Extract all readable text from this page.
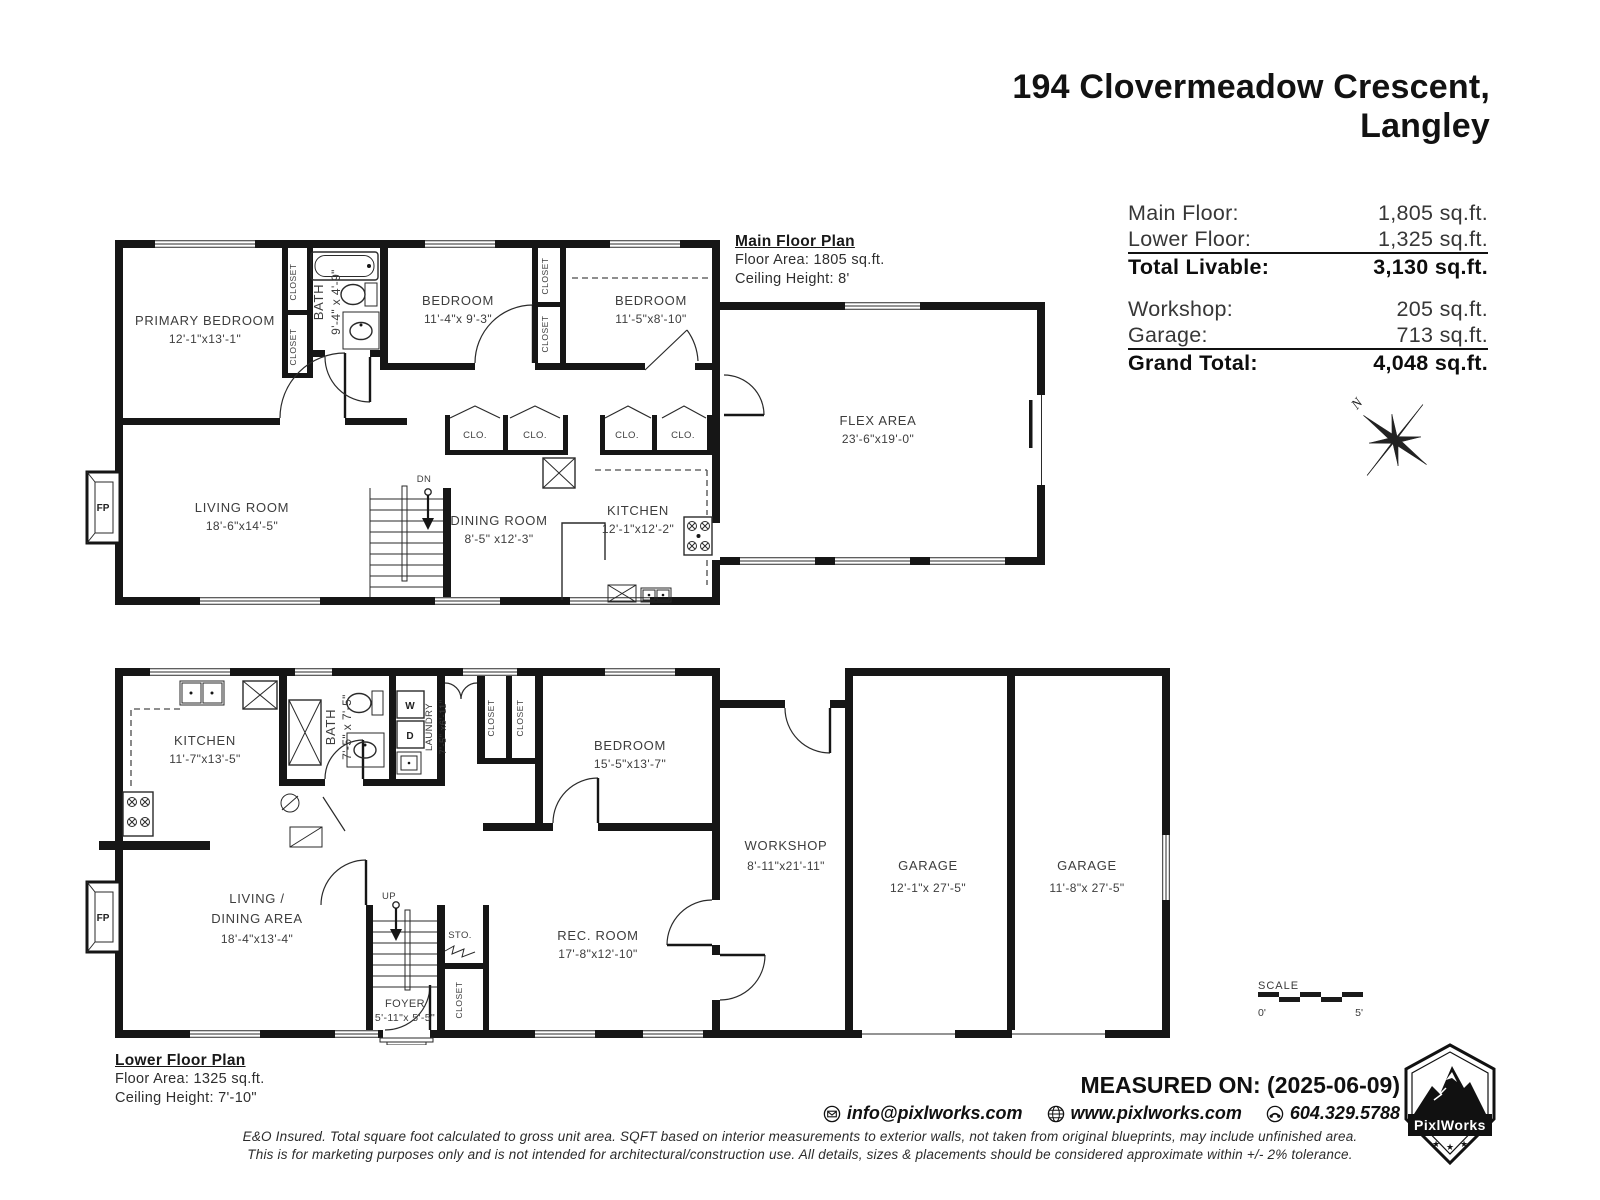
194 Clovermeadow Crescent,
Langley
Main Floor:	1,805 sq.ft.
Lower Floor:	1,325 sq.ft.
Total Livable:	3,130 sq.ft.
Workshop:	205 sq.ft.
Garage:	713 sq.ft.
Grand Total:	4,048 sq.ft.
Main Floor Plan
Floor Area: 1805 sq.ft.
Ceiling Height: 8'
PRIMARY BEDROOM
12'-1"x13'-1"
BATH 9'-4" x 4'-9"	BEDROOM
11'-4"x 9'-3"
BEDROOM
11'-5"x8'-10"
FLEX AREA
23'-6"x19'-0"
LIVING ROOM
18'-6"x14'-5"	DINING ROOM
8'-5" x12'-3"
KITCHEN
12'-1"x12'-2"
CLOSET
CLOSET
CLOSET
CLOSET
CLO.	CLO.	CLO.	CLO.
DN
FP
KITCHEN
11'-7"x13'-5"
BATH 7'-5" x 7'-5"	LAUNDRY 7'-5" x6'-11"
W
D	CLOSET CLOSET
BEDROOM
15'-5"x13'-7"
WORKSHOP
8'-11"x21'-11"	GARAGE
12'-1"x 27'-5"
GARAGE
11'-8"x 27'-5"
LIVING /
DINING AREA
18'-4"x13'-4"	REC. ROOM
17'-8"x12'-10"
FOYER
5'-11"x 5'-5"
STO.
CLOSET
UP
FP
N
SCALE
0'	5'
Lower Floor Plan
Floor Area: 1325 sq.ft.
Ceiling Height: 7'-10"	MEASURED ON: (2025-06-09)
info@pixlworks.com	www.pixlworks.com	604.329.5788
E&O Insured. Total square foot calculated to gross unit area. SQFT based on interior measurements to exterior walls, not taken from original blueprints, may include unfinished area.
This is for marketing purposes only and is not intended for architectural/construction use. All details, sizes & placements should be considered approximate within +/- 2% tolerance.
PixlWorks
★ ★ ★
